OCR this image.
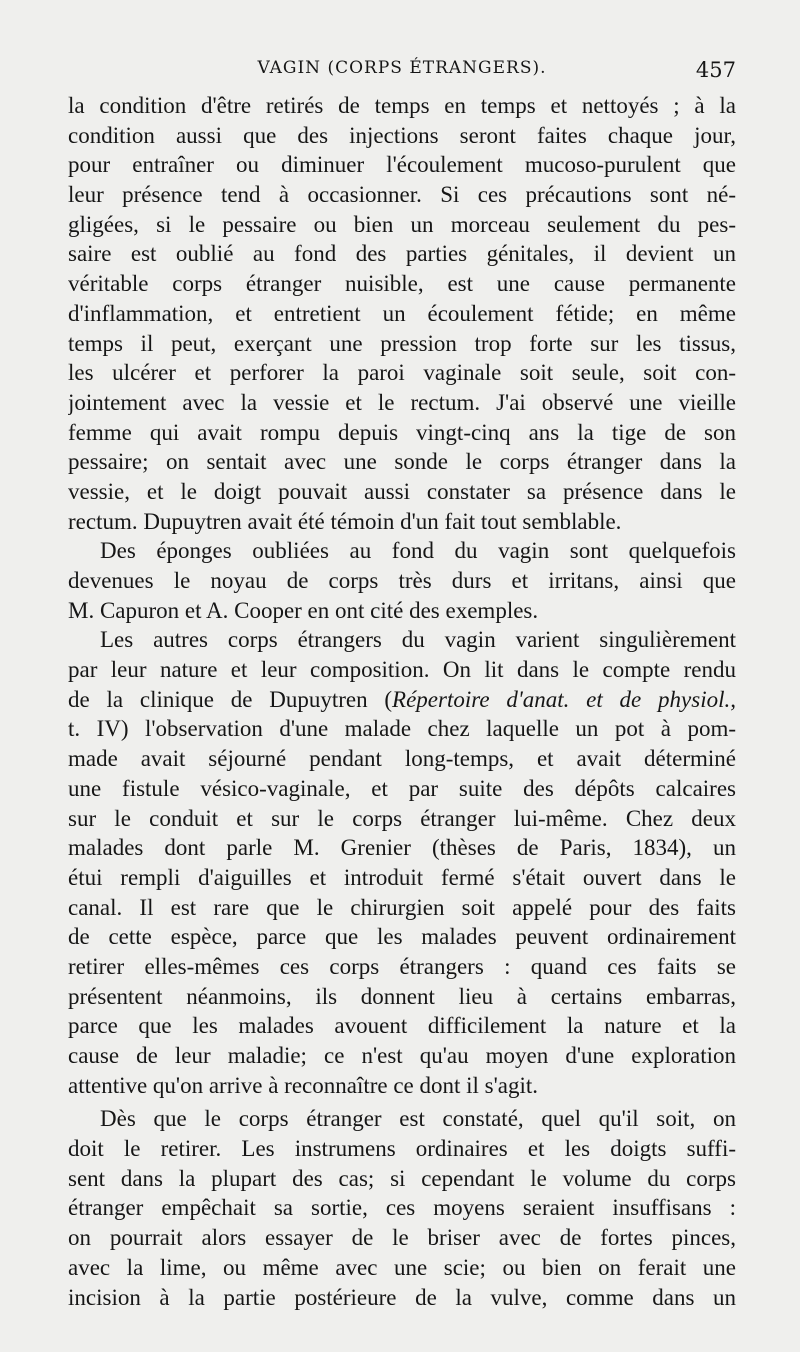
VAGIN (CORPS ÉTRANGERS).	457
la condition d'être retirés de temps en temps et nettoyés ; à la
condition aussi que des injections seront faites chaque jour,
pour entraîner ou diminuer l'écoulement mucoso-purulent que
leur présence tend à occasionner. Si ces précautions sont né-
gligées, si le pessaire ou bien un morceau seulement du pes-
saire est oublié au fond des parties génitales, il devient un
véritable corps étranger nuisible, est une cause permanente
d'inflammation, et entretient un écoulement fétide; en même
temps il peut, exerçant une pression trop forte sur les tissus,
les ulcérer et perforer la paroi vaginale soit seule, soit con-
jointement avec la vessie et le rectum. J'ai observé une vieille
femme qui avait rompu depuis vingt-cinq ans la tige de son
pessaire; on sentait avec une sonde le corps étranger dans la
vessie, et le doigt pouvait aussi constater sa présence dans le
rectum. Dupuytren avait été témoin d'un fait tout semblable.
Des éponges oubliées au fond du vagin sont quelquefois
devenues le noyau de corps très durs et irritans, ainsi que
M. Capuron et A. Cooper en ont cité des exemples.
Les autres corps étrangers du vagin varient singulièrement
par leur nature et leur composition. On lit dans le compte rendu
de la clinique de Dupuytren (Répertoire d'anat. et de physiol.,
t. IV) l'observation d'une malade chez laquelle un pot à pom-
made avait séjourné pendant long-temps, et avait déterminé
une fistule vésico-vaginale, et par suite des dépôts calcaires
sur le conduit et sur le corps étranger lui-même. Chez deux
malades dont parle M. Grenier (thèses de Paris, 1834), un
étui rempli d'aiguilles et introduit fermé s'était ouvert dans le
canal. Il est rare que le chirurgien soit appelé pour des faits
de cette espèce, parce que les malades peuvent ordinairement
retirer elles-mêmes ces corps étrangers : quand ces faits se
présentent néanmoins, ils donnent lieu à certains embarras,
parce que les malades avouent difficilement la nature et la
cause de leur maladie; ce n'est qu'au moyen d'une exploration
attentive qu'on arrive à reconnaître ce dont il s'agit.
Dès que le corps étranger est constaté, quel qu'il soit, on
doit le retirer. Les instrumens ordinaires et les doigts suffi-
sent dans la plupart des cas; si cependant le volume du corps
étranger empêchait sa sortie, ces moyens seraient insuffisans :
on pourrait alors essayer de le briser avec de fortes pinces,
avec la lime, ou même avec une scie; ou bien on ferait une
incision à la partie postérieure de la vulve, comme dans un
